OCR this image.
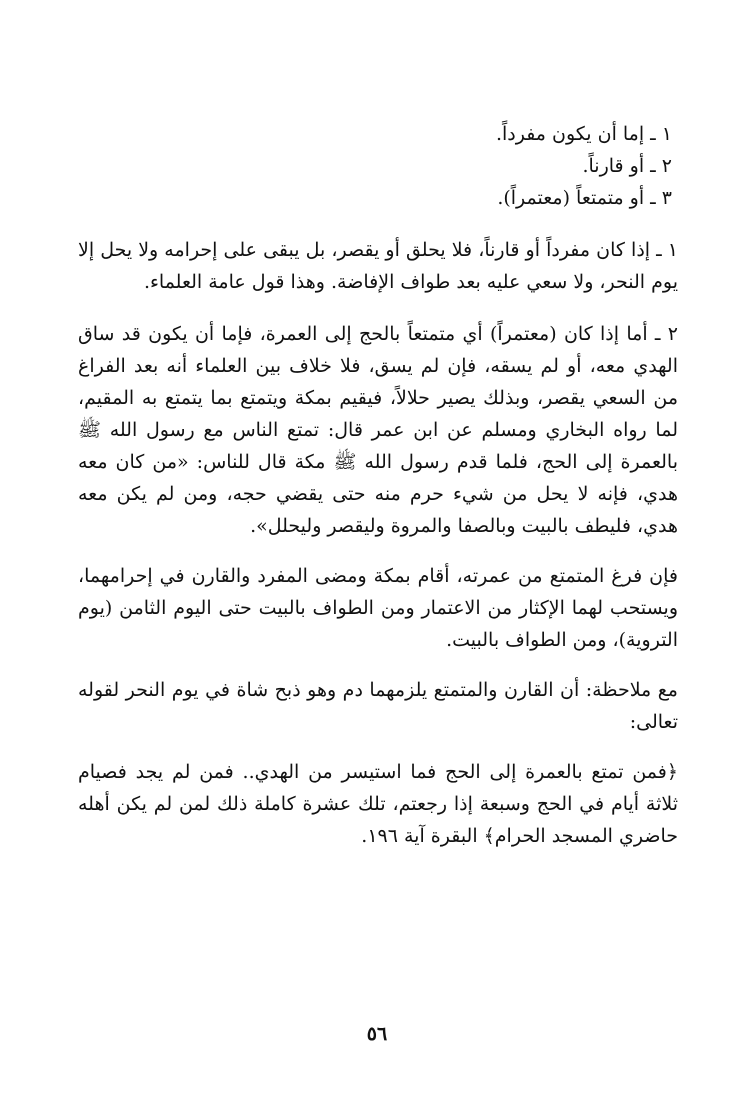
١ ـ إما أن يكون مفرداً.
٢ ـ أو قارناً.
٣ ـ أو متمتعاً (معتمراً).

١ ـ إذا كان مفرداً أو قارناً، فلا يحلق أو يقصر، بل يبقى على إحرامه ولا يحل إلا يوم النحر، ولا سعي عليه بعد طواف الإفاضة. وهذا قول عامة العلماء.

٢ ـ أما إذا كان (معتمراً) أي متمتعاً بالحج إلى العمرة، فإما أن يكون قد ساق الهدي معه، أو لم يسقه، فإن لم يسق، فلا خلاف بين العلماء أنه بعد الفراغ من السعي يقصر، وبذلك يصير حلالاً، فيقيم بمكة ويتمتع بما يتمتع به المقيم، لما رواه البخاري ومسلم عن ابن عمر قال: تمتع الناس مع رسول الله ﷺ بالعمرة إلى الحج، فلما قدم رسول الله ﷺ مكة قال للناس: «من كان معه هدي، فإنه لا يحل من شيء حرم منه حتى يقضي حجه، ومن لم يكن معه هدي، فليطف بالبيت وبالصفا والمروة وليقصر وليحلل».

فإن فرغ المتمتع من عمرته، أقام بمكة ومضى المفرد والقارن في إحرامهما، ويستحب لهما الإكثار من الاعتمار ومن الطواف بالبيت حتى اليوم الثامن (يوم التروية)، ومن الطواف بالبيت.

مع ملاحظة: أن القارن والمتمتع يلزمهما دم وهو ذبح شاة في يوم النحر لقوله تعالى:

﴿فمن تمتع بالعمرة إلى الحج فما استيسر من الهدي.. فمن لم يجد فصيام ثلاثة أيام في الحج وسبعة إذا رجعتم، تلك عشرة كاملة ذلك لمن لم يكن أهله حاضري المسجد الحرام﴾ البقرة آية ١٩٦.

٥٦
